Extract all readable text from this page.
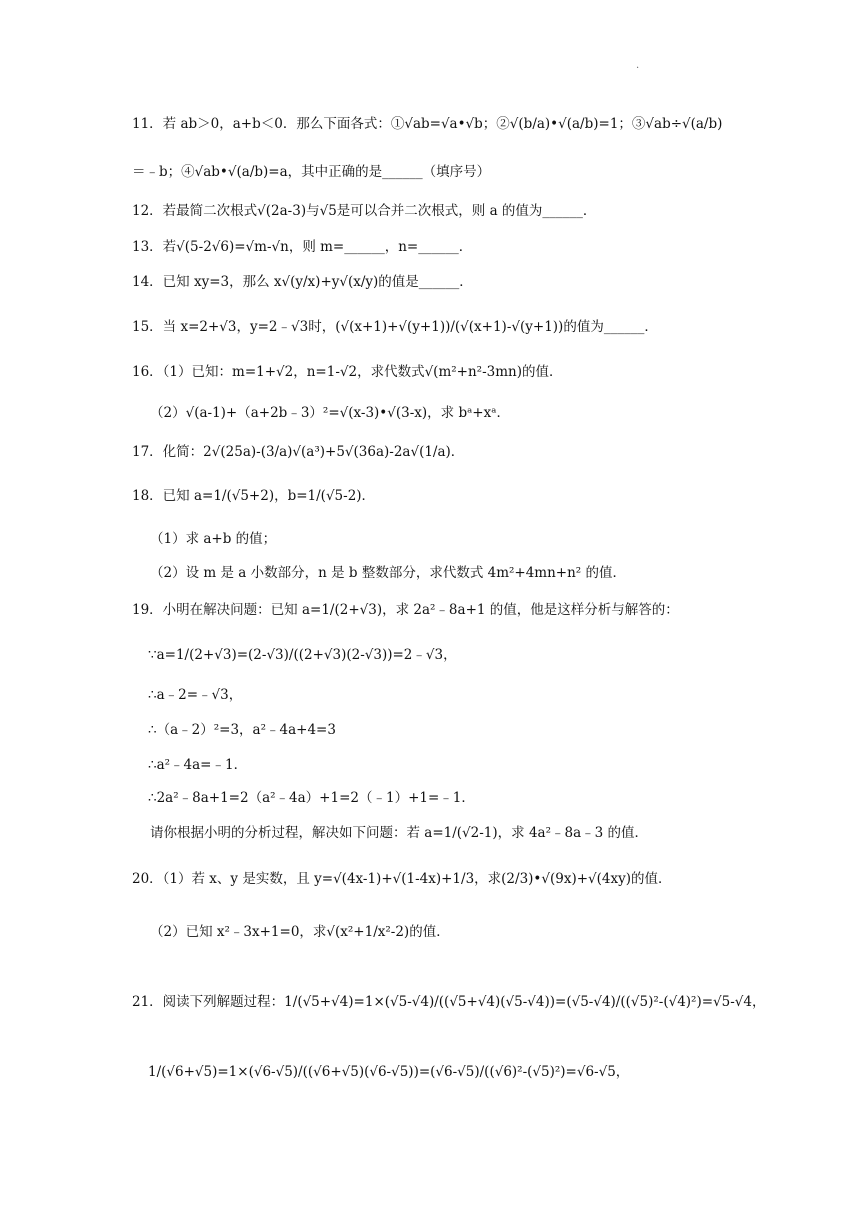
.
11．若 ab＞0，a+b＜0．那么下面各式：①√ab=√a•√b；②√(b/a)•√(a/b)=1；③√ab÷√(a/b)
＝﹣b；④√ab•√(a/b)=a，其中正确的是______（填序号）
12．若最简二次根式√(2a-3)与√5是可以合并二次根式，则 a 的值为______．
13．若√(5-2√6)=√m-√n，则 m=______，n=______．
14．已知 xy=3，那么 x√(y/x)+y√(x/y)的值是______．
15．当 x=2+√3，y=2﹣√3时，(√(x+1)+√(y+1))/(√(x+1)-√(y+1))的值为______．
16．（1）已知：m=1+√2，n=1-√2，求代数式√(m²+n²-3mn)的值．
（2）√(a-1)+（a+2b﹣3）²=√(x-3)•√(3-x)，求 bᵃ+xᵃ．
17．化简：2√(25a)-(3/a)√(a³)+5√(36a)-2a√(1/a)．
18．已知 a=1/(√5+2)，b=1/(√5-2)．
（1）求 a+b 的值；
（2）设 m 是 a 小数部分，n 是 b 整数部分，求代数式 4m²+4mn+n² 的值．
19．小明在解决问题：已知 a=1/(2+√3)，求 2a²﹣8a+1 的值，他是这样分析与解答的：
∵a=1/(2+√3)=(2-√3)/((2+√3)(2-√3))=2﹣√3，
∴a﹣2=﹣√3，
∴（a﹣2）²=3，a²﹣4a+4=3
∴a²﹣4a=﹣1．
∴2a²﹣8a+1=2（a²﹣4a）+1=2（﹣1）+1=﹣1．
请你根据小明的分析过程，解决如下问题：若 a=1/(√2-1)，求 4a²﹣8a﹣3 的值．
20．（1）若 x、y 是实数，且 y=√(4x-1)+√(1-4x)+1/3，求(2/3)•√(9x)+√(4xy)的值．
（2）已知 x²﹣3x+1=0，求√(x²+1/x²-2)的值．
21．阅读下列解题过程：1/(√5+√4)=1×(√5-√4)/((√5+√4)(√5-√4))=(√5-√4)/((√5)²-(√4)²)=√5-√4，
1/(√6+√5)=1×(√6-√5)/((√6+√5)(√6-√5))=(√6-√5)/((√6)²-(√5)²)=√6-√5，
